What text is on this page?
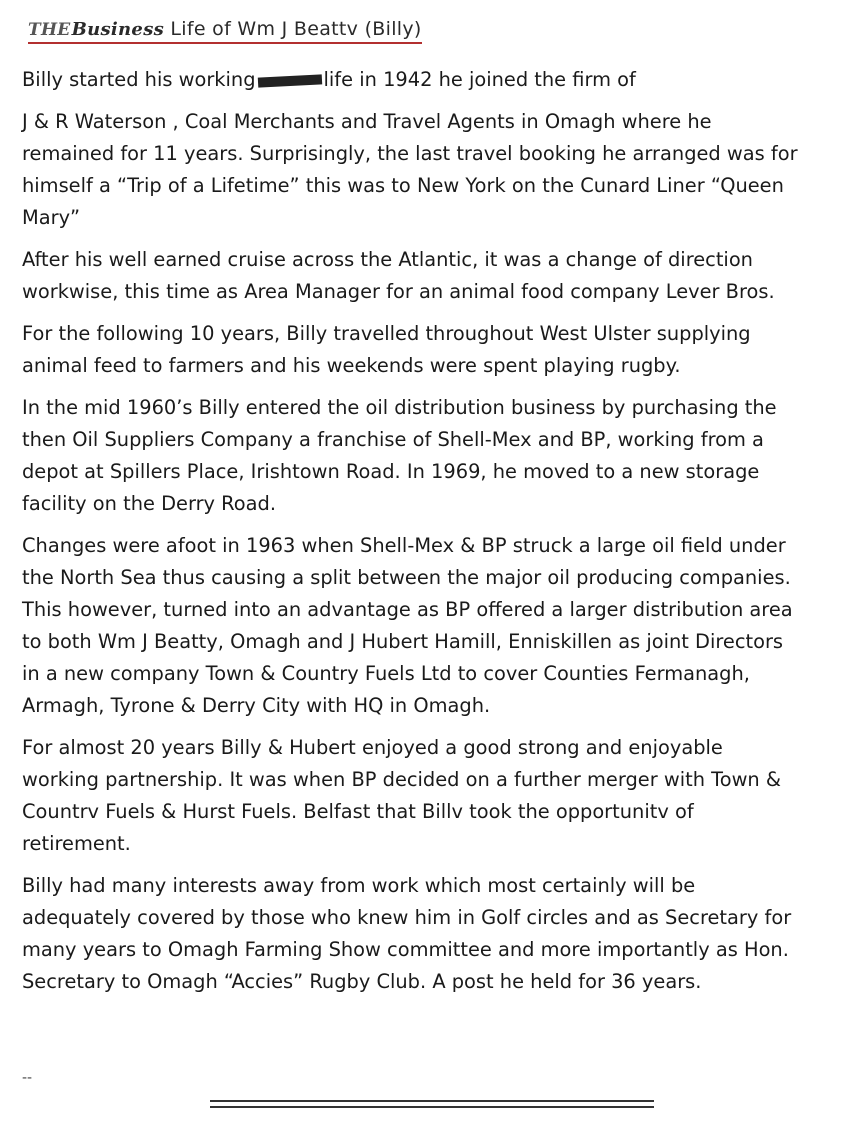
THEBusiness Life of Wm J Beattv (Billy)

Billy started his working	life in 1942 he joined the firm of

J & R Waterson , Coal Merchants and Travel Agents in Omagh where he
remained for 11 years. Surprisingly, the last travel booking he arranged was for
himself a “Trip of a Lifetime” this was to New York on the Cunard Liner “Queen
Mary”

After his well earned cruise across the Atlantic, it was a change of direction
workwise, this time as Area Manager for an animal food company Lever Bros.

For the following 10 years, Billy travelled throughout West Ulster supplying
animal feed to farmers and his weekends were spent playing rugby.

In the mid 1960’s Billy entered the oil distribution business by purchasing the
then Oil Suppliers Company a franchise of Shell-Mex and BP, working from a
depot at Spillers Place, Irishtown Road. In 1969, he moved to a new storage
facility on the Derry Road.

Changes were afoot in 1963 when Shell-Mex & BP struck a large oil field under
the North Sea thus causing a split between the major oil producing companies.
This however, turned into an advantage as BP offered a larger distribution area
to both Wm J Beatty, Omagh and J Hubert Hamill, Enniskillen as joint Directors
in a new company Town & Country Fuels Ltd to cover Counties Fermanagh,
Armagh, Tyrone & Derry City with HQ in Omagh.

For almost 20 years Billy & Hubert enjoyed a good strong and enjoyable
working partnership. It was when BP decided on a further merger with Town &
Countrv Fuels & Hurst Fuels. Belfast that Billv took the opportunitv of
retirement.

Billy had many interests away from work which most certainly will be
adequately covered by those who knew him in Golf circles and as Secretary for
many years to Omagh Farming Show committee and more importantly as Hon.
Secretary to Omagh “Accies” Rugby Club. A post he held for 36 years.

--
